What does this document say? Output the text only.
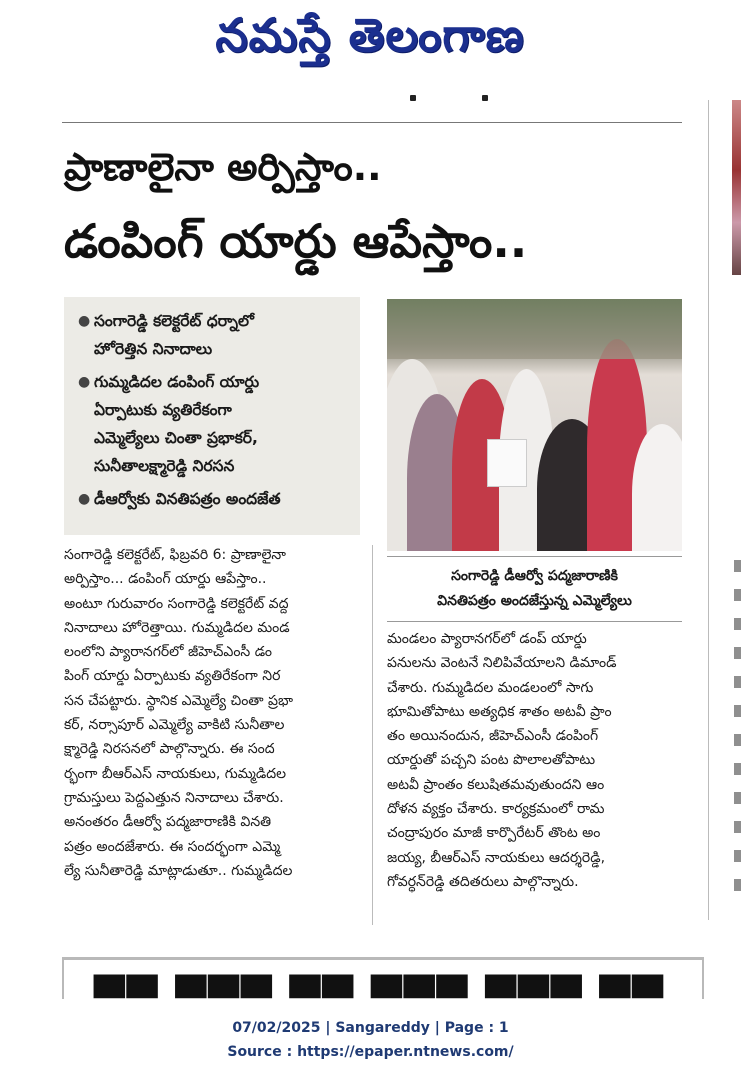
నమస్తే తెలంగాణ
ప్రాణాలైనా అర్పిస్తాం..
డంపింగ్ యార్డు ఆపేస్తాం..
● సంగారెడ్డి కలెక్టరేట్ ధర్నాలో
హోరెత్తిన నినాదాలు
● గుమ్మడిదల డంపింగ్ యార్డు
ఏర్పాటుకు వ్యతిరేకంగా
ఎమ్మెల్యేలు చింతా ప్రభాకర్,
సునీతాలక్ష్మారెడ్డి నిరసన
● డీఆర్వోకు వినతిపత్రం అందజేత
సంగారెడ్డి డీఆర్వో పద్మజారాణికి
వినతిపత్రం అందజేస్తున్న ఎమ్మెల్యేలు
సంగారెడ్డి కలెక్టరేట్, ఫిబ్రవరి 6: ప్రాణాలైనా
అర్పిస్తాం... డంపింగ్ యార్డు ఆపేస్తాం..
అంటూ గురువారం సంగారెడ్డి కలెక్టరేట్ వద్ద
నినాదాలు హోరెత్తాయి. గుమ్మడిదల మండ
లంలోని ప్యారానగర్‌లో జీహెచ్‌ఎంసీ డం
పింగ్ యార్డు ఏర్పాటుకు వ్యతిరేకంగా నిర
సన చేపట్టారు. స్థానిక ఎమ్మెల్యే చింతా ప్రభా
కర్, నర్సాపూర్ ఎమ్మెల్యే వాకిటి సునీతాల
క్ష్మారెడ్డి నిరసనలో పాల్గొన్నారు. ఈ సంద
ర్భంగా బీఆర్‌ఎస్ నాయకులు, గుమ్మడిదల
గ్రామస్తులు పెద్దఎత్తున నినాదాలు చేశారు.
అనంతరం డీఆర్వో పద్మజారాణికి వినతి
పత్రం అందజేశారు. ఈ సందర్భంగా ఎమ్మె
ల్యే సునీతారెడ్డి మాట్లాడుతూ.. గుమ్మడిదల
మండలం ప్యారానగర్‌లో డంప్ యార్డు
పనులను వెంటనే నిలిపివేయాలని డిమాండ్
చేశారు. గుమ్మడిదల మండలంలో సాగు
భూమితోపాటు అత్యధిక శాతం అటవీ ప్రాం
తం అయినందున, జీహెచ్‌ఎంసీ డంపింగ్
యార్డుతో పచ్చని పంట పొలాలతోపాటు
అటవీ ప్రాంతం కలుషితమవుతుందని ఆం
దోళన వ్యక్తం చేశారు. కార్యక్రమంలో రామ
చంద్రాపురం మాజీ కార్పొరేటర్ తొంట అం
జయ్య, బీఆర్‌ఎస్ నాయకులు ఆదర్శరెడ్డి,
గోవర్ధన్‌రెడ్డి తదితరులు పాల్గొన్నారు.
▀▀ ▀▀▀ ▀▀ ▀▀▀ ▀▀▀ ▀▀
07/02/2025 | Sangareddy | Page : 1
Source : https://epaper.ntnews.com/
